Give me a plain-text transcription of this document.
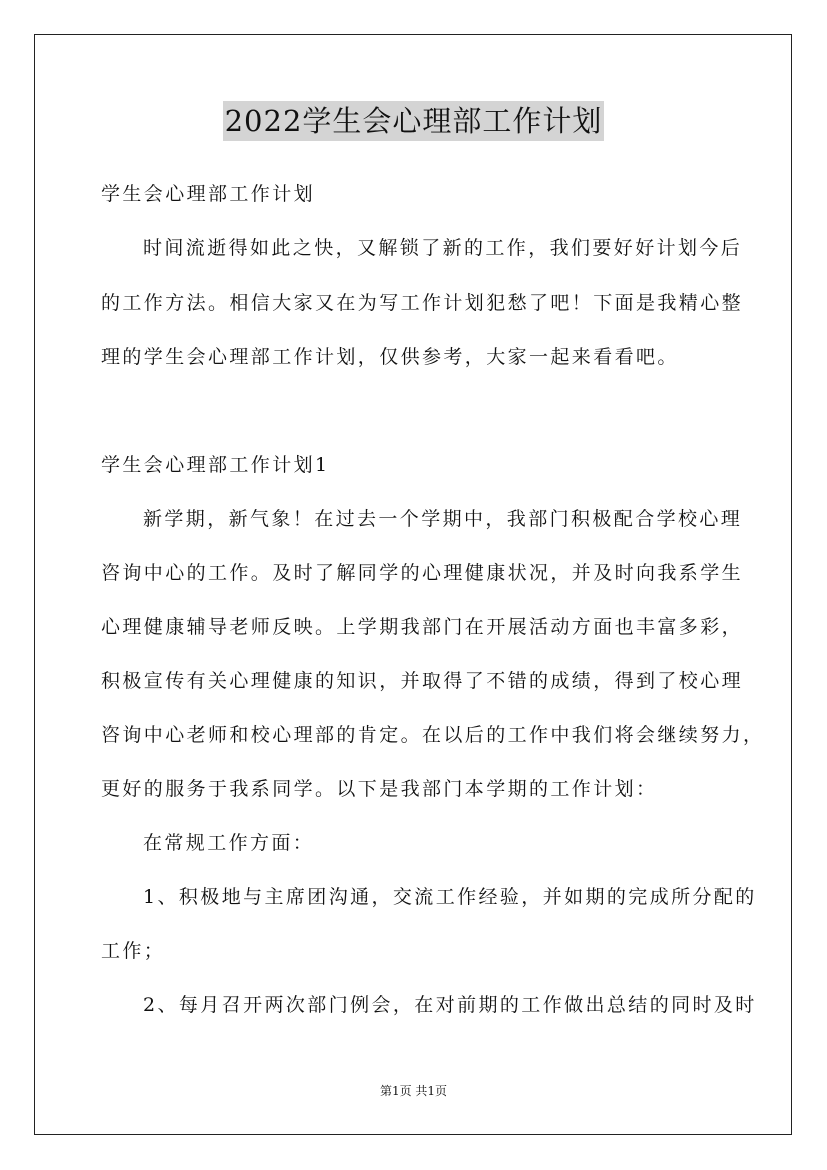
2022学生会心理部工作计划
学生会心理部工作计划
时间流逝得如此之快，又解锁了新的工作，我们要好好计划今后
的工作方法。相信大家又在为写工作计划犯愁了吧！下面是我精心整
理的学生会心理部工作计划，仅供参考，大家一起来看看吧。
学生会心理部工作计划1
新学期，新气象！在过去一个学期中，我部门积极配合学校心理
咨询中心的工作。及时了解同学的心理健康状况，并及时向我系学生
心理健康辅导老师反映。上学期我部门在开展活动方面也丰富多彩，
积极宣传有关心理健康的知识，并取得了不错的成绩，得到了校心理
咨询中心老师和校心理部的肯定。在以后的工作中我们将会继续努力，
更好的服务于我系同学。以下是我部门本学期的工作计划：
在常规工作方面：
1、积极地与主席团沟通，交流工作经验，并如期的完成所分配的
工作；
2、每月召开两次部门例会，在对前期的工作做出总结的同时及时
第1页 共1页
